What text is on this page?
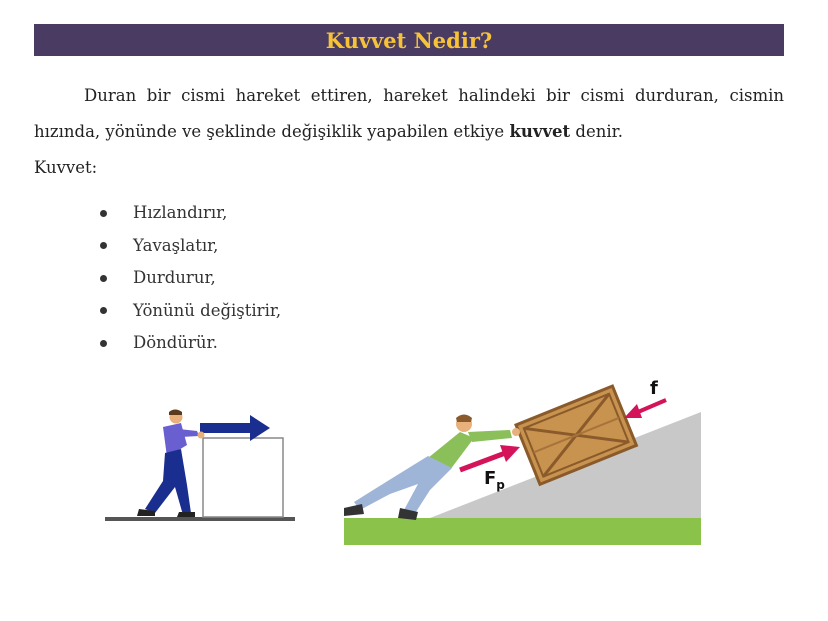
Kuvvet Nedir?
Duran bir cismi hareket ettiren, hareket halindeki bir cismi durduran, cismin hızında, yönünde ve şeklinde değişiklik yapabilen etkiye kuvvet denir.
Kuvvet:
Hızlandırır,
Yavaşlatır,
Durdurur,
Yönünü değiştirir,
Döndürür.
F
$F_p$
f
